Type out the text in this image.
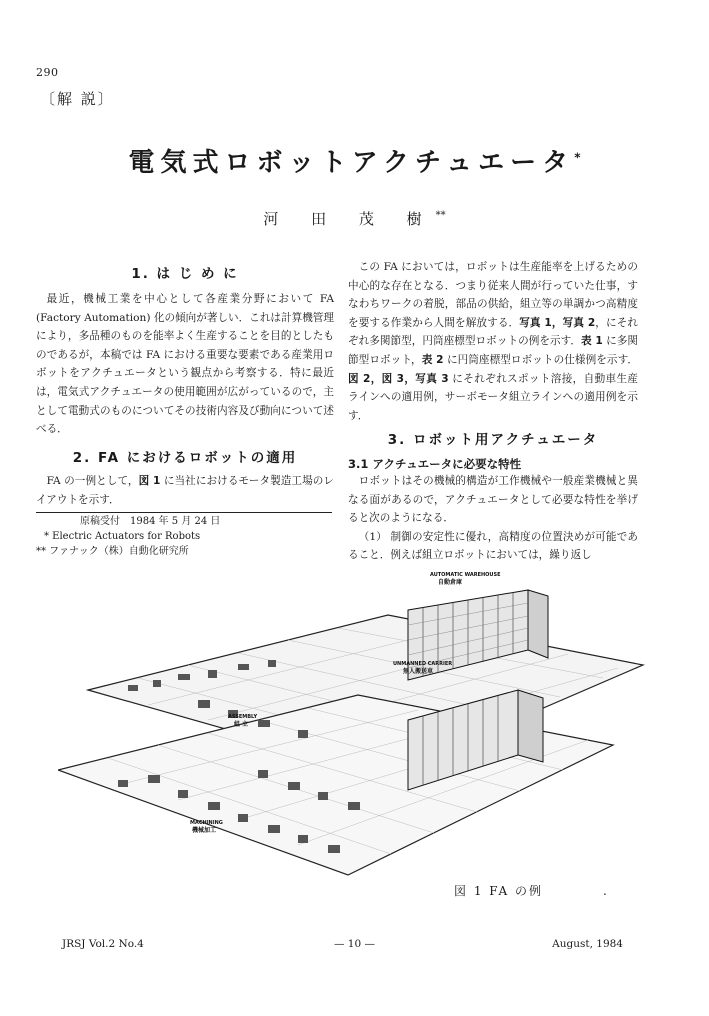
290
〔解 説〕
電気式ロボットアクチュエータ*
河 田 茂 樹**
1. は じ め に

最近，機械工業を中心として各産業分野において FA (Factory Automation) 化の傾向が著しい．これは計算機管理により，多品種のものを能率よく生産することを目的としたものであるが，本稿では FA における重要な要素である産業用ロボットをアクチュエータという観点から考察する．特に最近は，電気式アクチュエータの使用範囲が広がっているので，主として電動式のものについてその技術内容及び動向について述べる．

2. FA におけるロボットの適用

FA の一例として，図 1 に当社におけるモータ製造工場のレイアウトを示す．

原稿受付　1984 年 5 月 24 日
* Electric Actuators for Robots
** ファナック（株）自動化研究所

この FA においては，ロボットは生産能率を上げるための中心的な存在となる．つまり従来人間が行っていた仕事，すなわちワークの着脱，部品の供給，組立等の単調かつ高精度を要する作業から人間を解放する．写真 1，写真 2，にそれぞれ多関節型，円筒座標型ロボットの例を示す．表 1 に多関節型ロボット，表 2 に円筒座標型ロボットの仕様例を示す．図 2，図 3，写真 3 にそれぞれスポット溶接，自動車生産ラインへの適用例，サーボモータ組立ラインへの適用例を示す．

3. ロボット用アクチュエータ
3.1 アクチュエータに必要な特性

ロボットはその機械的構造が工作機械や一般産業機械と異なる面があるので，アクチュエータとして必要な特性を挙げると次のようになる．

（1） 制御の安定性に優れ，高精度の位置決めが可能であること．例えば組立ロボットにおいては，繰り返し

AUTOMATIC WAREHOUSE
自動倉庫
UNMANNED CARRIER
無人搬送車
ASSEMBLY
組 立
MACHINING
機械加工
図 1 FA の例	.
JRSJ Vol.2 No.4	— 10 —	August, 1984
